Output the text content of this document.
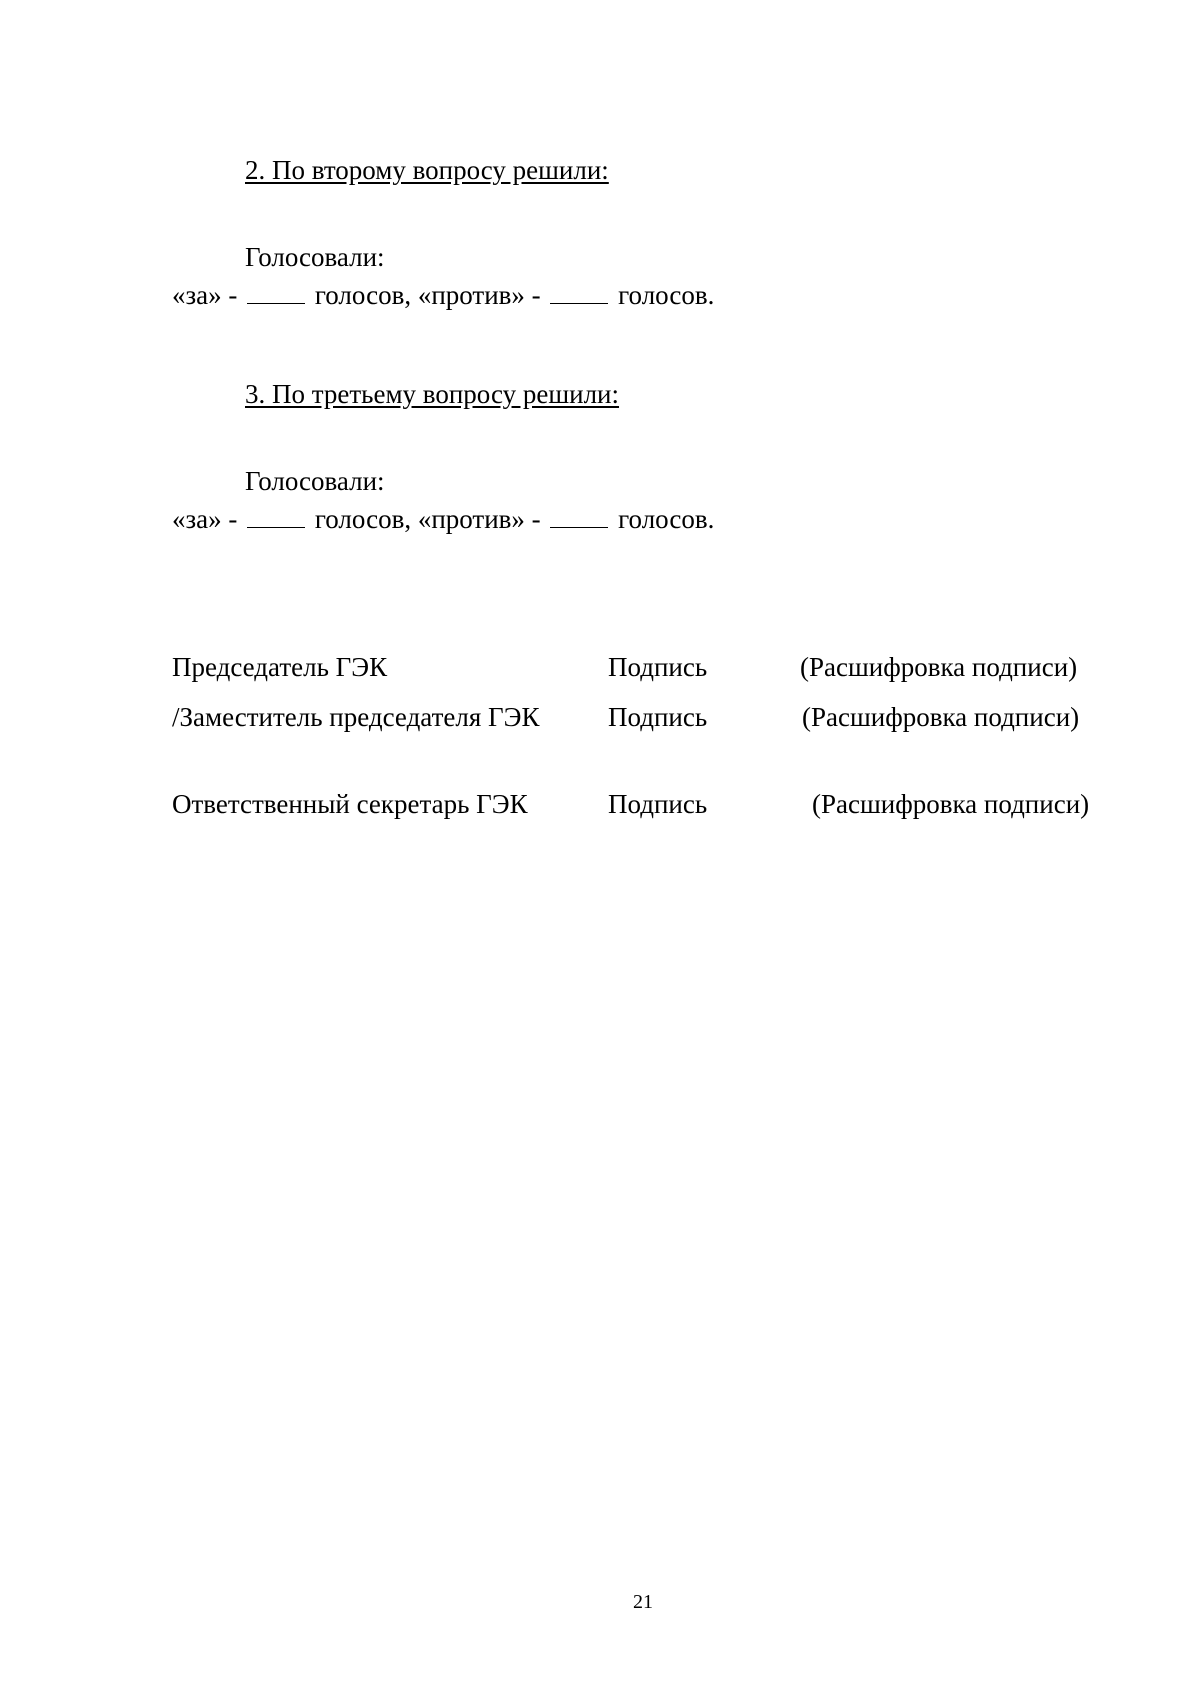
2. По второму вопросу решили:
Голосовали:
«за» -	голосов, «против» -	голосов.
3. По третьему вопросу решили:
Голосовали:
«за» -	голосов, «против» -	голосов.
Председатель ГЭК	Подпись	(Расшифровка подписи)
/Заместитель председателя ГЭК	Подпись	(Расшифровка подписи)
Ответственный секретарь ГЭК	Подпись	(Расшифровка подписи)
21
